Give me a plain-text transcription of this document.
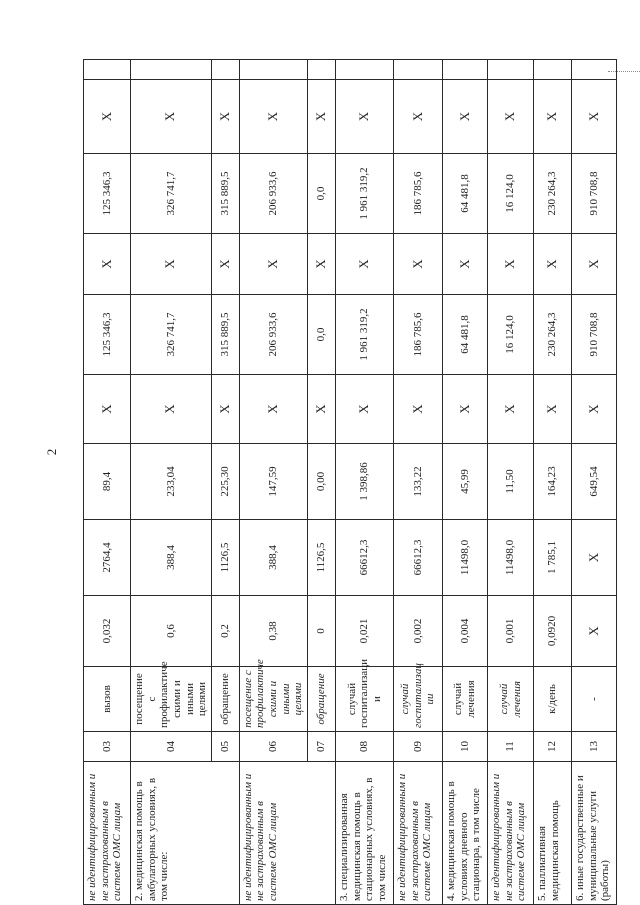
2
не идентифицированным и не застрахованным в системе ОМС лицам	03	вызов	0,032	2764,4	89,4	X	125 346,3	X	125 346,3	X	
2. медицинская помощь в амбулаторных условиях, в том числе:	04	посещение с профилактиче скими и иными целями	0,6	388,4	233,04	X	326 741,7	X	326 741,7	X	
	05	обращение	0,2	1126,5	225,30	X	315 889,5	X	315 889,5	X	
не идентифицированным и не застрахованным в системе ОМС лицам	06	посещение с профилактиче скими и иными целями	0,38	388,4	147,59	X	206 933,6	X	206 933,6	X	
	07	обращение	0	1126,5	0,00	X	0,0	X	0,0	X	
3. специализированная медицинская помощь в стационарных условиях, в том числе	08	случай госпитализаци и	0,021	66612,3	1 398,86	X	1 961 319,2	X	1 961 319,2	X	
не идентифицированным и не застрахованным в системе ОМС лицам	09	случай госпитализац ии	0,002	66612,3	133,22	X	186 785,6	X	186 785,6	X	
4. медицинская помощь в условиях дневного стационара, в том числе	10	случай лечения	0,004	11498,0	45,99	X	64 481,8	X	64 481,8	X	
не идентифицированным и не застрахованным в системе ОМС лицам	11	случай лечения	0,001	11498,0	11,50	X	16 124,0	X	16 124,0	X	
5. паллиативная медицинская помощь	12	к/день	0,0920	1 785,1	164,23	X	230 264,3	X	230 264,3	X	
6. иные государственные и муниципальные услуги (работы)	13	-	X	X	649,54	X	910 708,8	X	910 708,8	X	
